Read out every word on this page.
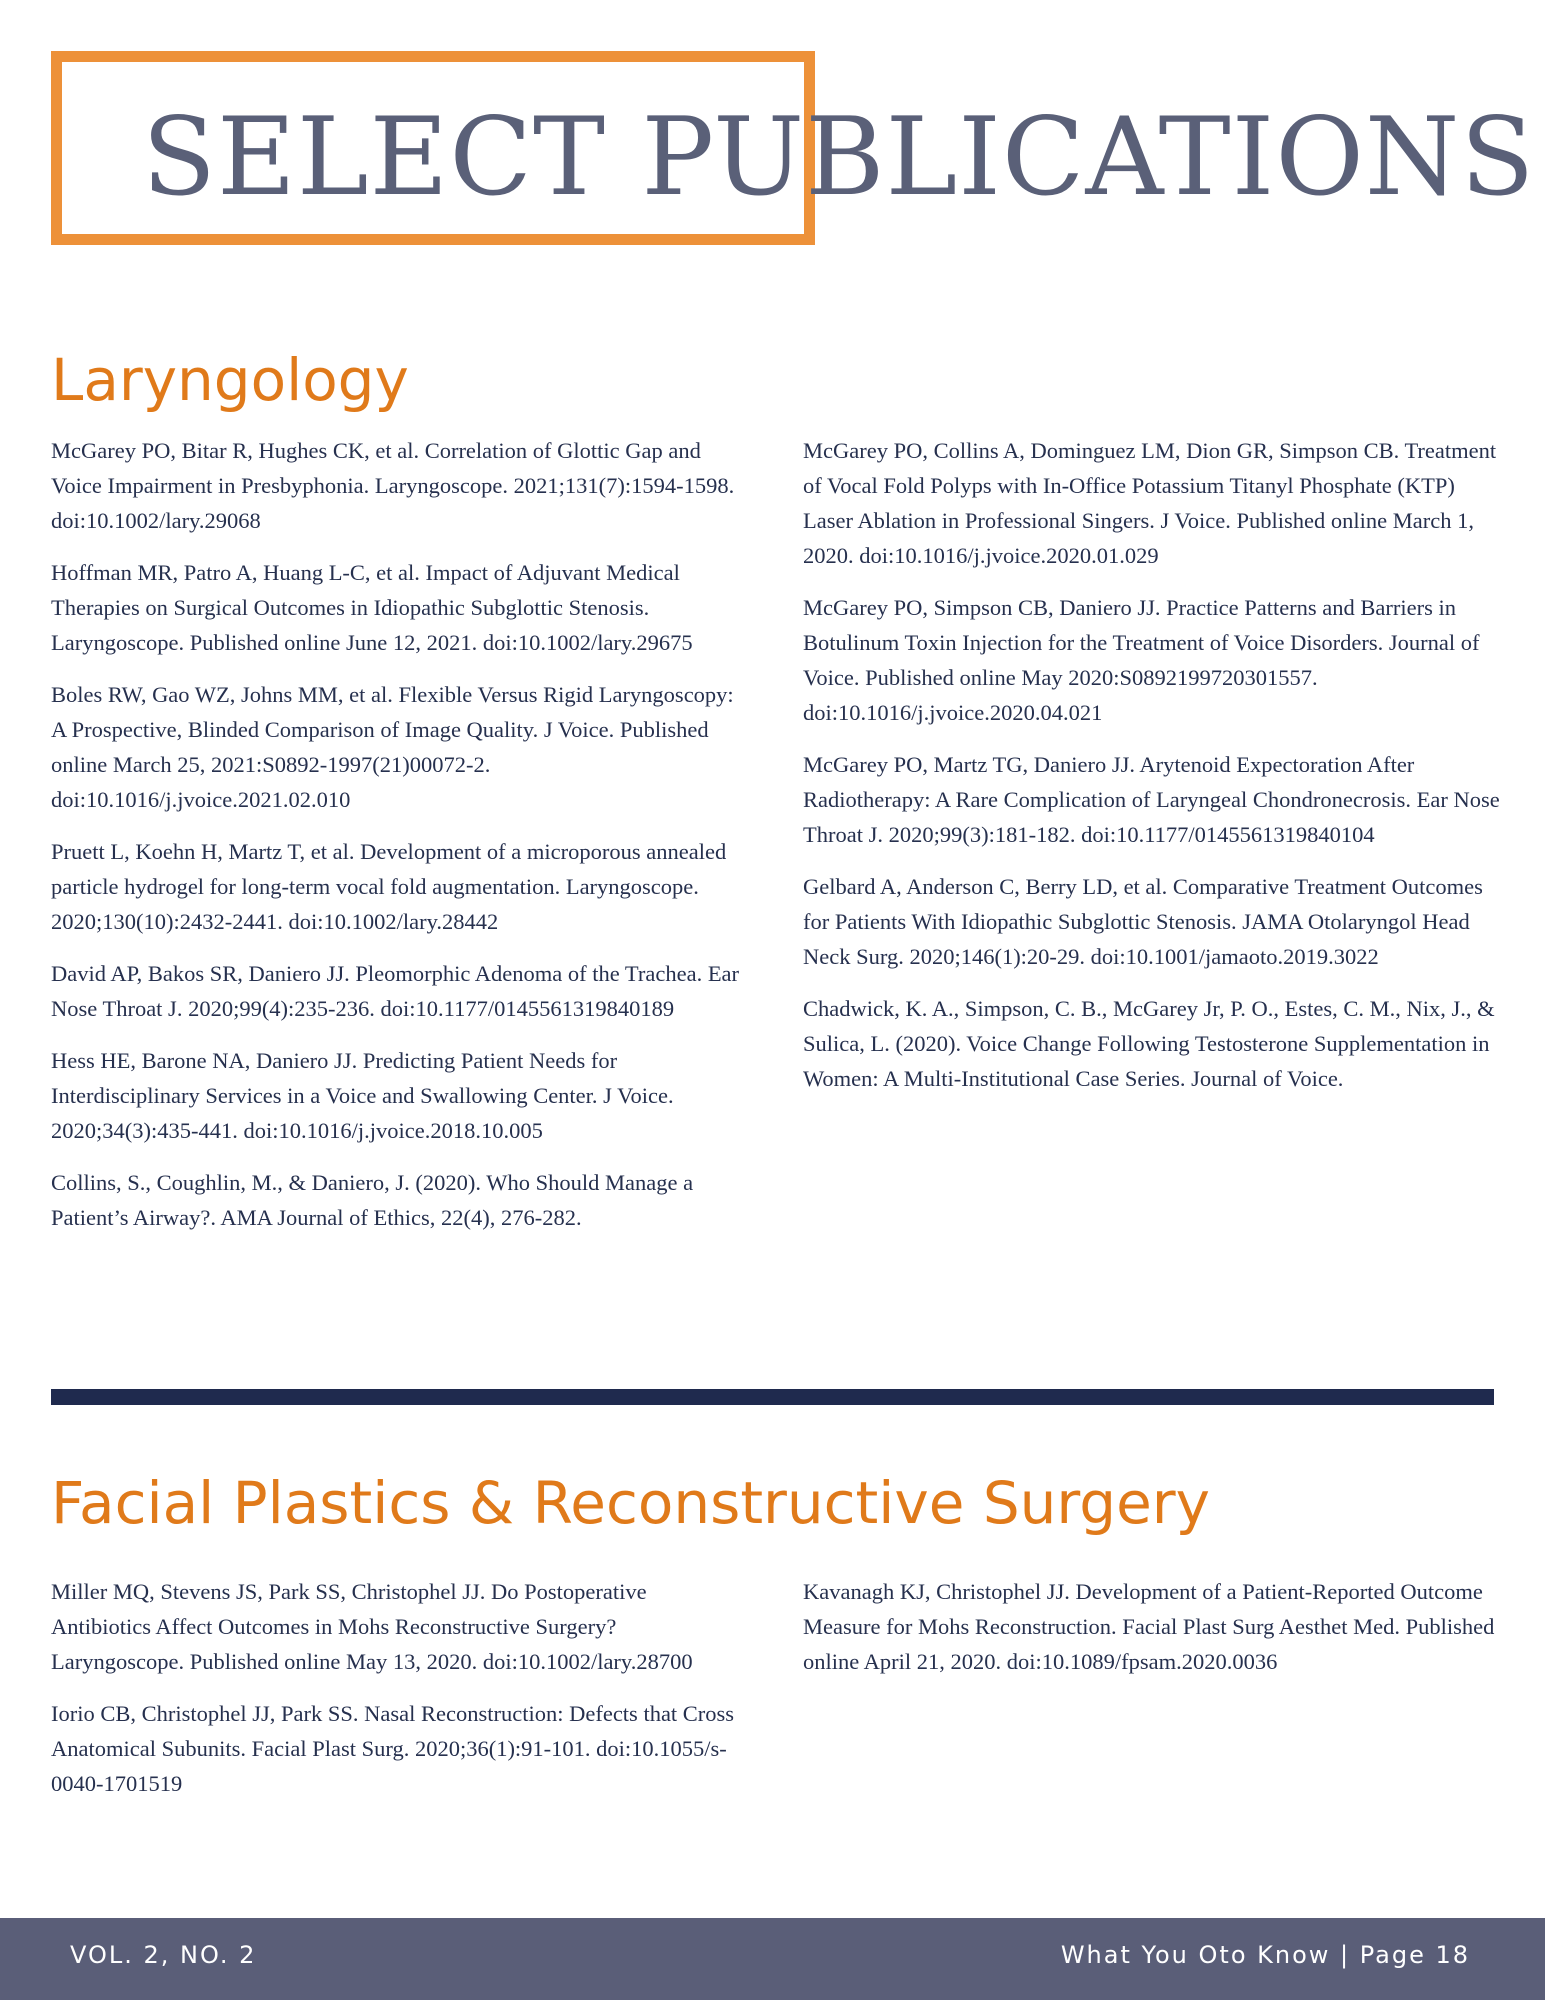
SELECT PUBLICATIONS
Laryngology

McGarey PO, Bitar R, Hughes CK, et al. Correlation of Glottic Gap and Voice Impairment in Presbyphonia. Laryngoscope. 2021;131(7):1594-1598. doi:10.1002/lary.29068

Hoffman MR, Patro A, Huang L-C, et al. Impact of Adjuvant Medical Therapies on Surgical Outcomes in Idiopathic Subglottic Stenosis. Laryngoscope. Published online June 12, 2021. doi:10.1002/lary.29675

Boles RW, Gao WZ, Johns MM, et al. Flexible Versus Rigid Laryngoscopy: A Prospective, Blinded Comparison of Image Quality. J Voice. Published online March 25, 2021:S0892-1997(21)00072-2. doi:10.1016/j.jvoice.2021.02.010

Pruett L, Koehn H, Martz T, et al. Development of a microporous annealed particle hydrogel for long-term vocal fold augmentation. Laryngoscope. 2020;130(10):2432-2441. doi:10.1002/lary.28442

David AP, Bakos SR, Daniero JJ. Pleomorphic Adenoma of the Trachea. Ear Nose Throat J. 2020;99(4):235-236. doi:10.1177/0145561319840189

Hess HE, Barone NA, Daniero JJ. Predicting Patient Needs for Interdisciplinary Services in a Voice and Swallowing Center. J Voice. 2020;34(3):435-441. doi:10.1016/j.jvoice.2018.10.005

Collins, S., Coughlin, M., & Daniero, J. (2020). Who Should Manage a Patient’s Airway?. AMA Journal of Ethics, 22(4), 276-282.

McGarey PO, Collins A, Dominguez LM, Dion GR, Simpson CB. Treatment of Vocal Fold Polyps with In-Office Potassium Titanyl Phosphate (KTP) Laser Ablation in Professional Singers. J Voice. Published online March 1, 2020. doi:10.1016/j.jvoice.2020.01.029

McGarey PO, Simpson CB, Daniero JJ. Practice Patterns and Barriers in Botulinum Toxin Injection for the Treatment of Voice Disorders. Journal of Voice. Published online May 2020:S0892199720301557. doi:10.1016/j.jvoice.2020.04.021

McGarey PO, Martz TG, Daniero JJ. Arytenoid Expectoration After Radiotherapy: A Rare Complication of Laryngeal Chondronecrosis. Ear Nose Throat J. 2020;99(3):181-182. doi:10.1177/0145561319840104

Gelbard A, Anderson C, Berry LD, et al. Comparative Treatment Outcomes for Patients With Idiopathic Subglottic Stenosis. JAMA Otolaryngol Head Neck Surg. 2020;146(1):20-29. doi:10.1001/jamaoto.2019.3022

Chadwick, K. A., Simpson, C. B., McGarey Jr, P. O., Estes, C. M., Nix, J., & Sulica, L. (2020). Voice Change Following Testosterone Supplementation in Women: A Multi-Institutional Case Series. Journal of Voice.

Facial Plastics & Reconstructive Surgery

Miller MQ, Stevens JS, Park SS, Christophel JJ. Do Postoperative Antibiotics Affect Outcomes in Mohs Reconstructive Surgery? Laryngoscope. Published online May 13, 2020. doi:10.1002/lary.28700

Iorio CB, Christophel JJ, Park SS. Nasal Reconstruction: Defects that Cross Anatomical Subunits. Facial Plast Surg. 2020;36(1):91-101. doi:10.1055/s-0040-1701519

Kavanagh KJ, Christophel JJ. Development of a Patient-Reported Outcome Measure for Mohs Reconstruction. Facial Plast Surg Aesthet Med. Published online April 21, 2020. doi:10.1089/fpsam.2020.0036

VOL. 2, NO. 2	What You Oto Know | Page 18
